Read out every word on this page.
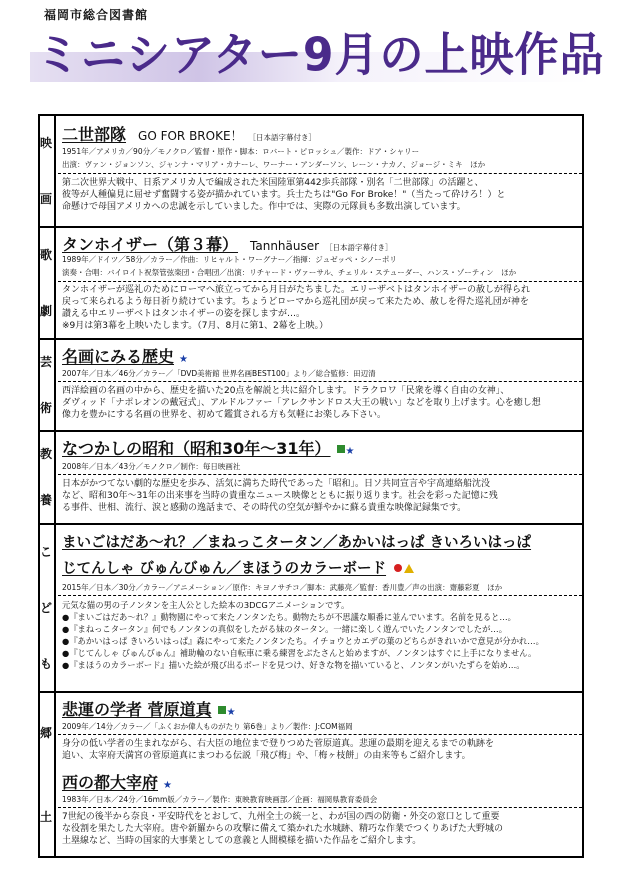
福岡市総合図書館
ミニシアター9月の上映作品
映
画
歌
劇
芸
術
教
養
こ
ど
も
郷
土
二世部隊 GO FOR BROKE！ ［日本語字幕付き］
1951年／アメリカ／90分／モノクロ／監督・原作・脚本：ロバート・ピロッシュ／製作：ドア・シャリー
出演：ヴァン・ジョンソン、ジャンナ・マリア・カナーレ、ワーナー・アンダーソン、レーン・ナカノ、ジョージ・ミキ　ほか

第二次世界大戦中、日系アメリカ人で編成された米国陸軍第442歩兵部隊・別名「二世部隊」の活躍と、

彼等が人種偏見に屈せず奮闘する姿が描かれています。兵士たちは"Go For Broke！"（当たって砕けろ！）と

命懸けで母国アメリカへの忠誠を示していました。作中では、実際の元隊員も多数出演しています。

タンホイザー（第３幕） Tannhäuser ［日本語字幕付き］
1989年／ドイツ／58分／カラー／作曲：リヒャルト・ワーグナー／指揮：ジュゼッペ・シノーポリ
演奏・合唱：バイロイト祝祭管弦楽団・合唱団／出演：リチャード・ヴァーサル、チェリル・ステューダー、ハンス・ゾーティン　ほか

タンホイザーが巡礼のためにローマへ旅立ってから月日がたちました。エリーザベトはタンホイザーの赦しが得られ

戻って来られるよう毎日祈り続けています。ちょうどローマから巡礼団が戻って来たため、赦しを得た巡礼団が神を

讃える中エリーザベトはタンホイザーの姿を探しますが…。

※9月は第3幕を上映いたします。（7月、8月に第1、2幕を上映。）

名画にみる歴史 ★
2007年／日本／46分／カラー／「DVD美術館 世界名画BEST100」より／総合監修：田辺清

西洋絵画の名画の中から、歴史を描いた20点を解説と共に紹介します。ドラクロワ「民衆を導く自由の女神」、

ダヴィッド「ナポレオンの戴冠式」、アルドルファー「アレクサンドロス大王の戦い」などを取り上げます。心を癒し想

像力を豊かにする名画の世界を、初めて鑑賞される方も気軽にお楽しみ下さい。

なつかしの昭和（昭和30年～31年） ★
2008年／日本／43分／モノクロ／制作：毎日映画社

日本がかつてない劇的な歴史を歩み、活気に満ちた時代であった「昭和」。日ソ共同宣言や宇高連絡船沈没

など、昭和30年～31年の出来事を当時の貴重なニュース映像とともに振り返ります。社会を彩った記憶に残

る事件、世相、流行、涙と感動の逸話まで、その時代の空気が鮮やかに蘇る貴重な映像記録集です。

まいごはだあ～れ？／まねっこタータン／あかいはっぱ きいろいはっぱ
じてんしゃ びゅんびゅん／まほうのカラーボード
2015年／日本／30分／カラー／アニメーション／原作：キヨノサチコ／脚本：武藤亮／監督：香川豊／声の出演：齋藤彩夏　ほか

元気な猫の男の子ノンタンを主人公とした絵本の3DCGアニメーションです。

●『まいごはだあ～れ？』動物園にやって来たノンタンたち。動物たちが不思議な順番に並んでいます。名前を見ると…。

●『まねっこタータン』何でもノンタンの真似をしたがる妹のタータン。一緒に楽しく遊んでいたノンタンでしたが…。

●『あかいはっぱ きいろいはっぱ』森にやって来たノンタンたち。イチョウとカエデの葉のどちらがきれいかで意見が分かれ…。

●『じてんしゃ びゅんびゅん』補助輪のない自転車に乗る練習をぶたさんと始めますが、ノンタンはすぐに上手になりません。

●『まほうのカラーボード』描いた絵が飛び出るボードを見つけ、好きな物を描いていると、ノンタンがいたずらを始め…。

悲運の学者 菅原道真 ★
2009年／14分／カラー／「ふくおか偉人ものがたり 第6巻」より／製作：J:COM福岡

身分の低い学者の生まれながら、右大臣の地位まで登りつめた菅原道真。悲運の最期を迎えるまでの軌跡を

追い、太宰府天満宮の菅原道真にまつわる伝説「飛び梅」や、「梅ヶ枝餅」の由来等もご紹介します。

西の都大宰府 ★
1983年／日本／24分／16mm版／カラー／製作：東映教育映画部／企画：福岡県教育委員会

7世紀の後半から奈良・平安時代をとおして、九州全土の統一と、わが国の西の防衛・外交の窓口として重要

な役割を果たした大宰府。唐や新羅からの攻撃に備えて築かれた水城跡、精巧な作業でつくりあげた大野城の

土塁線など、当時の国家的大事業としての意義と人間模様を描いた作品をご紹介します。
